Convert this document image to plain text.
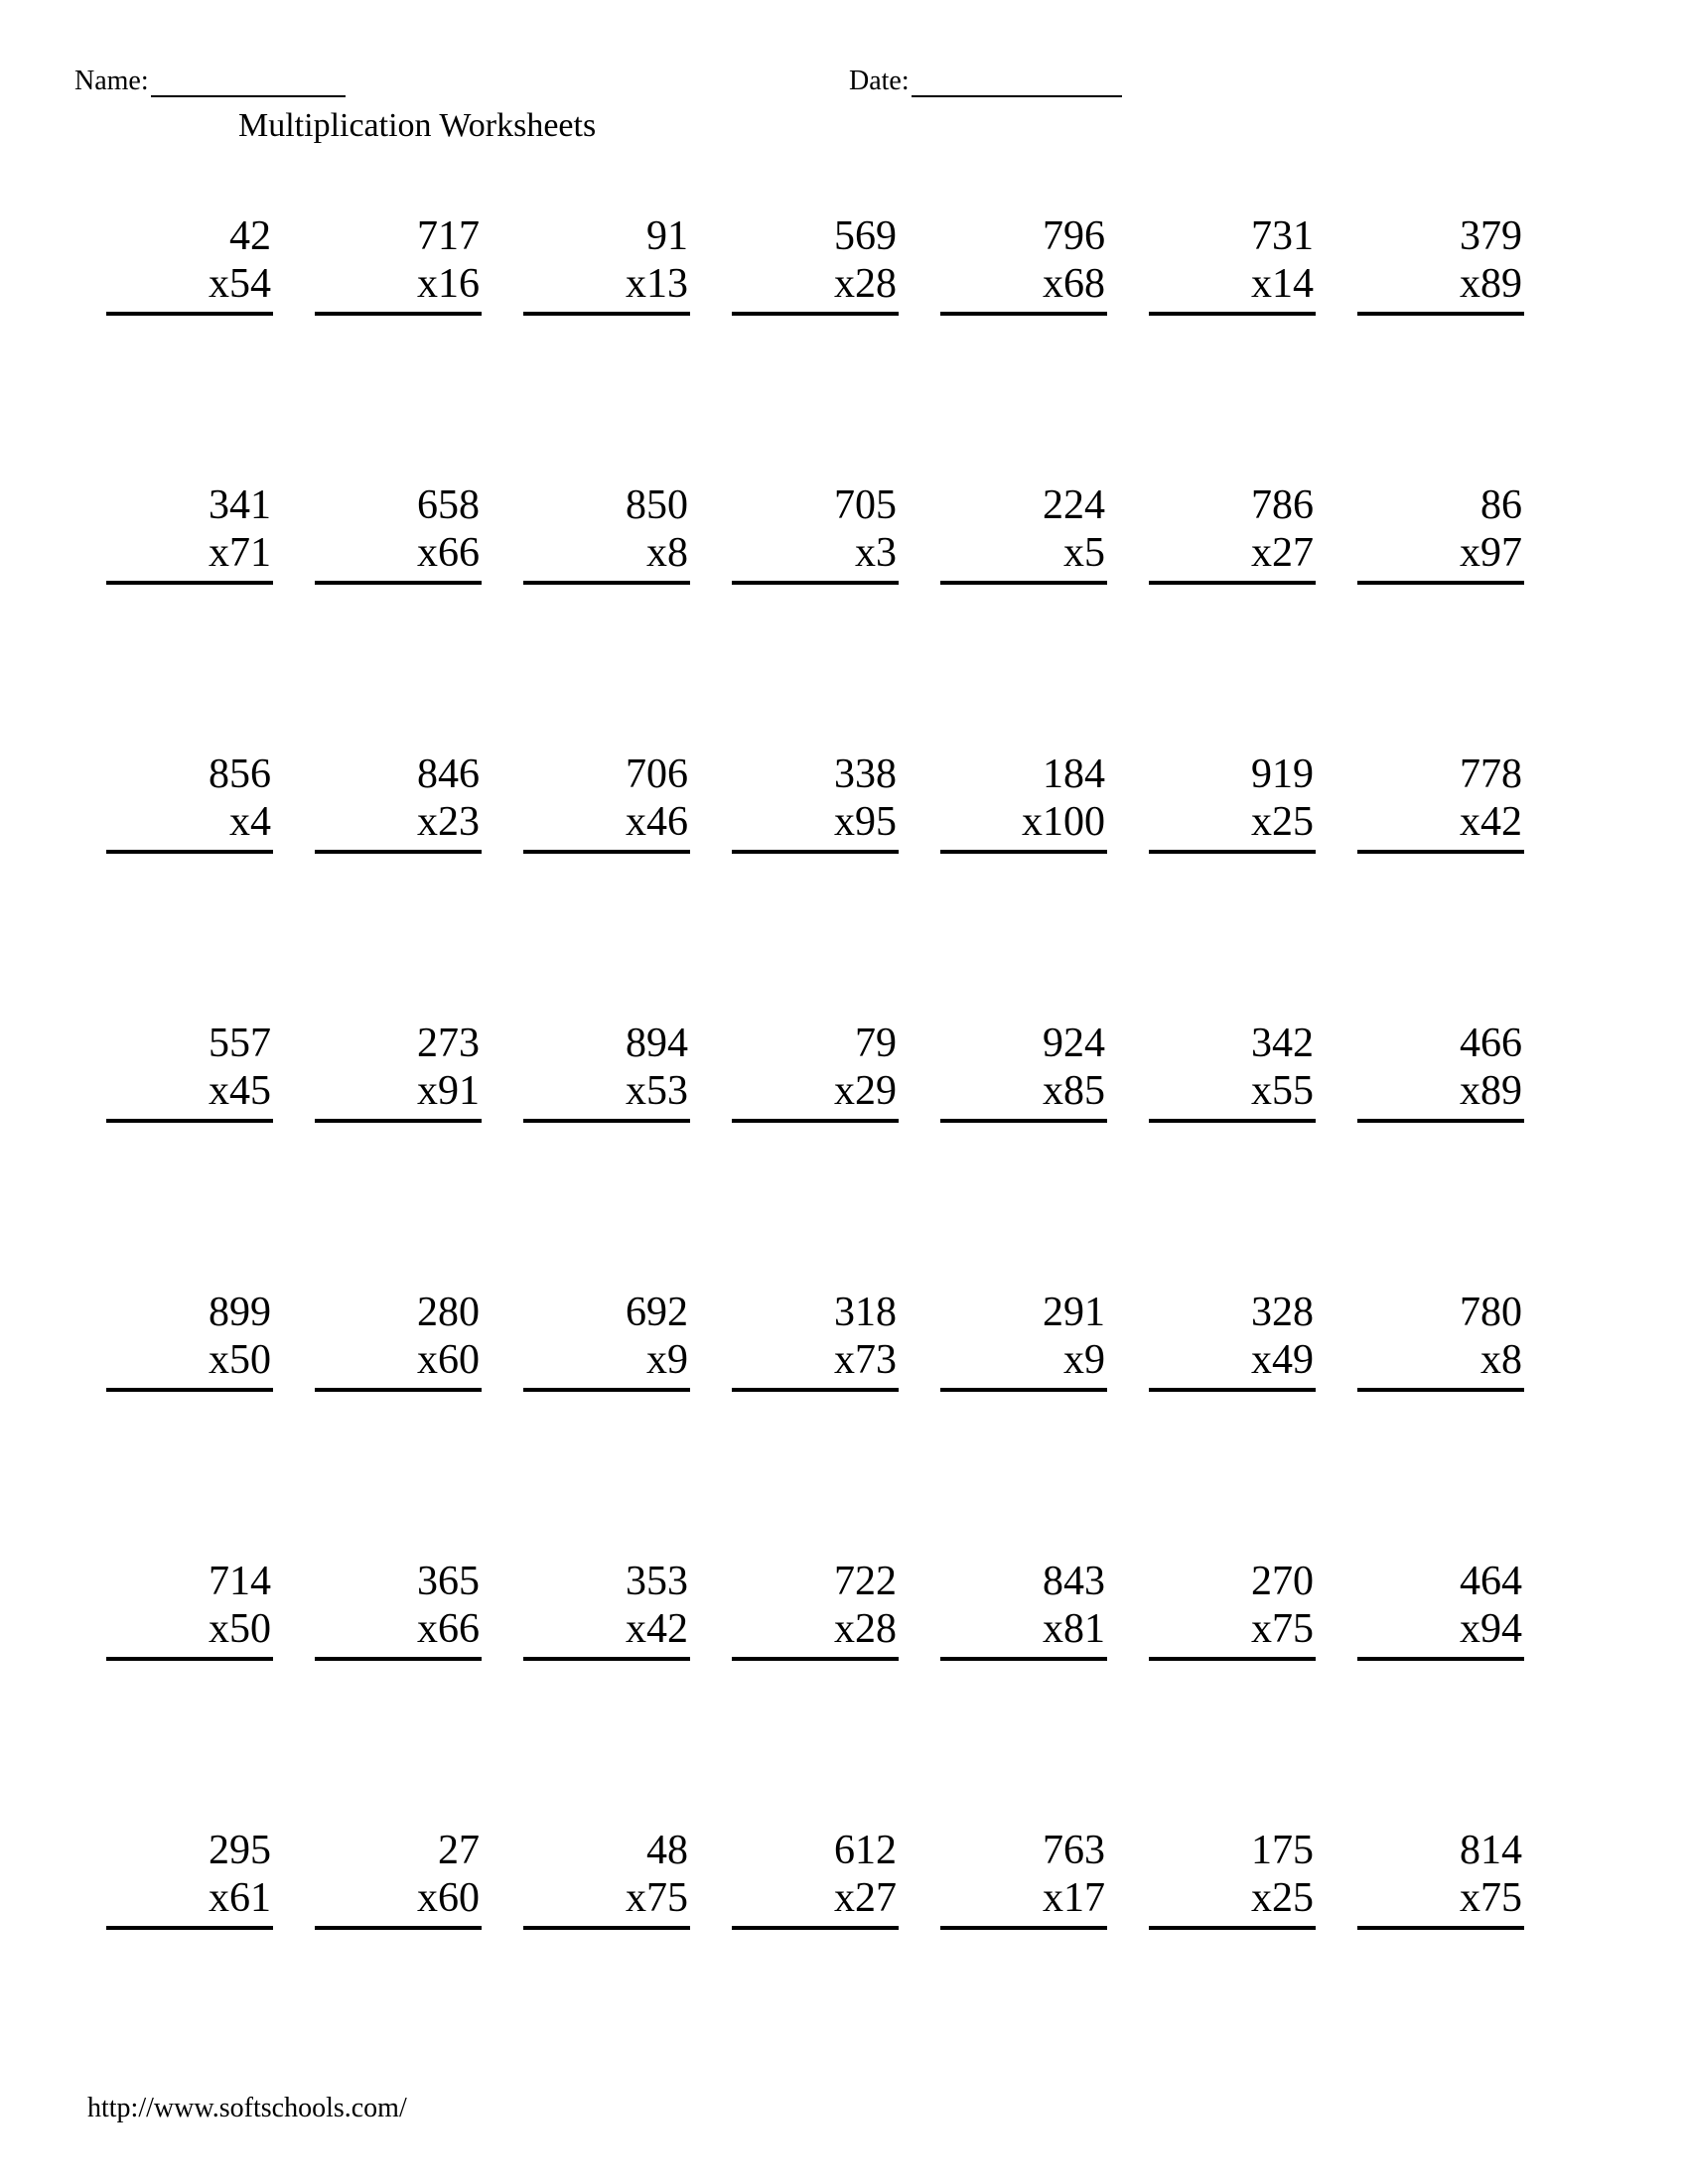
Name:	Date:
Multiplication Worksheets
42
x54
717
x16
91
x13
569
x28
796
x68
731
x14
379
x89
341
x71
658
x66
850
x8
705
x3
224
x5
786
x27
86
x97
856
x4
846
x23
706
x46
338
x95
184
x100
919
x25
778
x42
557
x45
273
x91
894
x53
79
x29
924
x85
342
x55
466
x89
899
x50
280
x60
692
x9
318
x73
291
x9
328
x49
780
x8
714
x50
365
x66
353
x42
722
x28
843
x81
270
x75
464
x94
295
x61
27
x60
48
x75
612
x27
763
x17
175
x25
814
x75
http://www.softschools.com/
